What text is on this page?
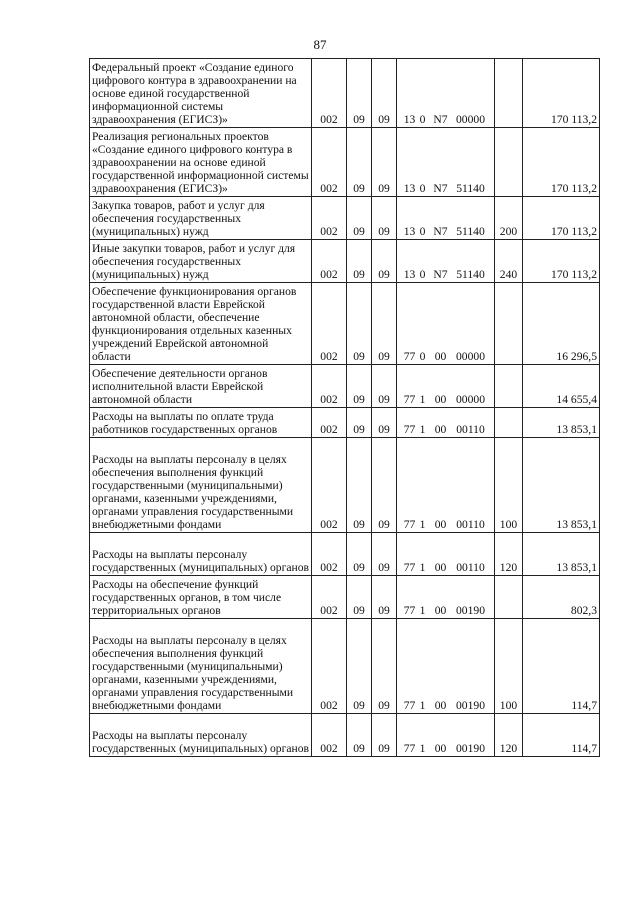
87
Федеральный проект «Создание единого цифрового контура в здравоохранении на основе единой государственной информационной системы здравоохранения (ЕГИСЗ)»	002	09	09	13 0 N7 00000		170 113,2
Реализация региональных проектов «Создание единого цифрового контура в здравоохранении на основе единой государственной информационной системы здравоохранения (ЕГИСЗ)»	002	09	09	13 0 N7 51140		170 113,2
Закупка товаров, работ и услуг для обеспечения государственных (муниципальных) нужд	002	09	09	13 0 N7 51140	200	170 113,2
Иные закупки товаров, работ и услуг для обеспечения государственных (муниципальных) нужд	002	09	09	13 0 N7 51140	240	170 113,2
Обеспечение функционирования органов государственной власти Еврейской автономной области, обеспечение функционирования отдельных казенных учреждений Еврейской автономной области	002	09	09	77 0 00 00000		16 296,5
Обеспечение деятельности органов исполнительной власти Еврейской автономной области	002	09	09	77 1 00 00000		14 655,4
Расходы на выплаты по оплате труда работников государственных органов	002	09	09	77 1 00 00110		13 853,1
Расходы на выплаты персоналу в целях обеспечения выполнения функций государственными (муниципальными) органами, казенными учреждениями, органами управления государственными внебюджетными фондами	002	09	09	77 1 00 00110	100	13 853,1
Расходы на выплаты персоналу государственных (муниципальных) органов	002	09	09	77 1 00 00110	120	13 853,1
Расходы на обеспечение функций государственных органов, в том числе территориальных органов	002	09	09	77 1 00 00190		802,3
Расходы на выплаты персоналу в целях обеспечения выполнения функций государственными (муниципальными) органами, казенными учреждениями, органами управления государственными внебюджетными фондами	002	09	09	77 1 00 00190	100	114,7
Расходы на выплаты персоналу государственных (муниципальных) органов	002	09	09	77 1 00 00190	120	114,7
